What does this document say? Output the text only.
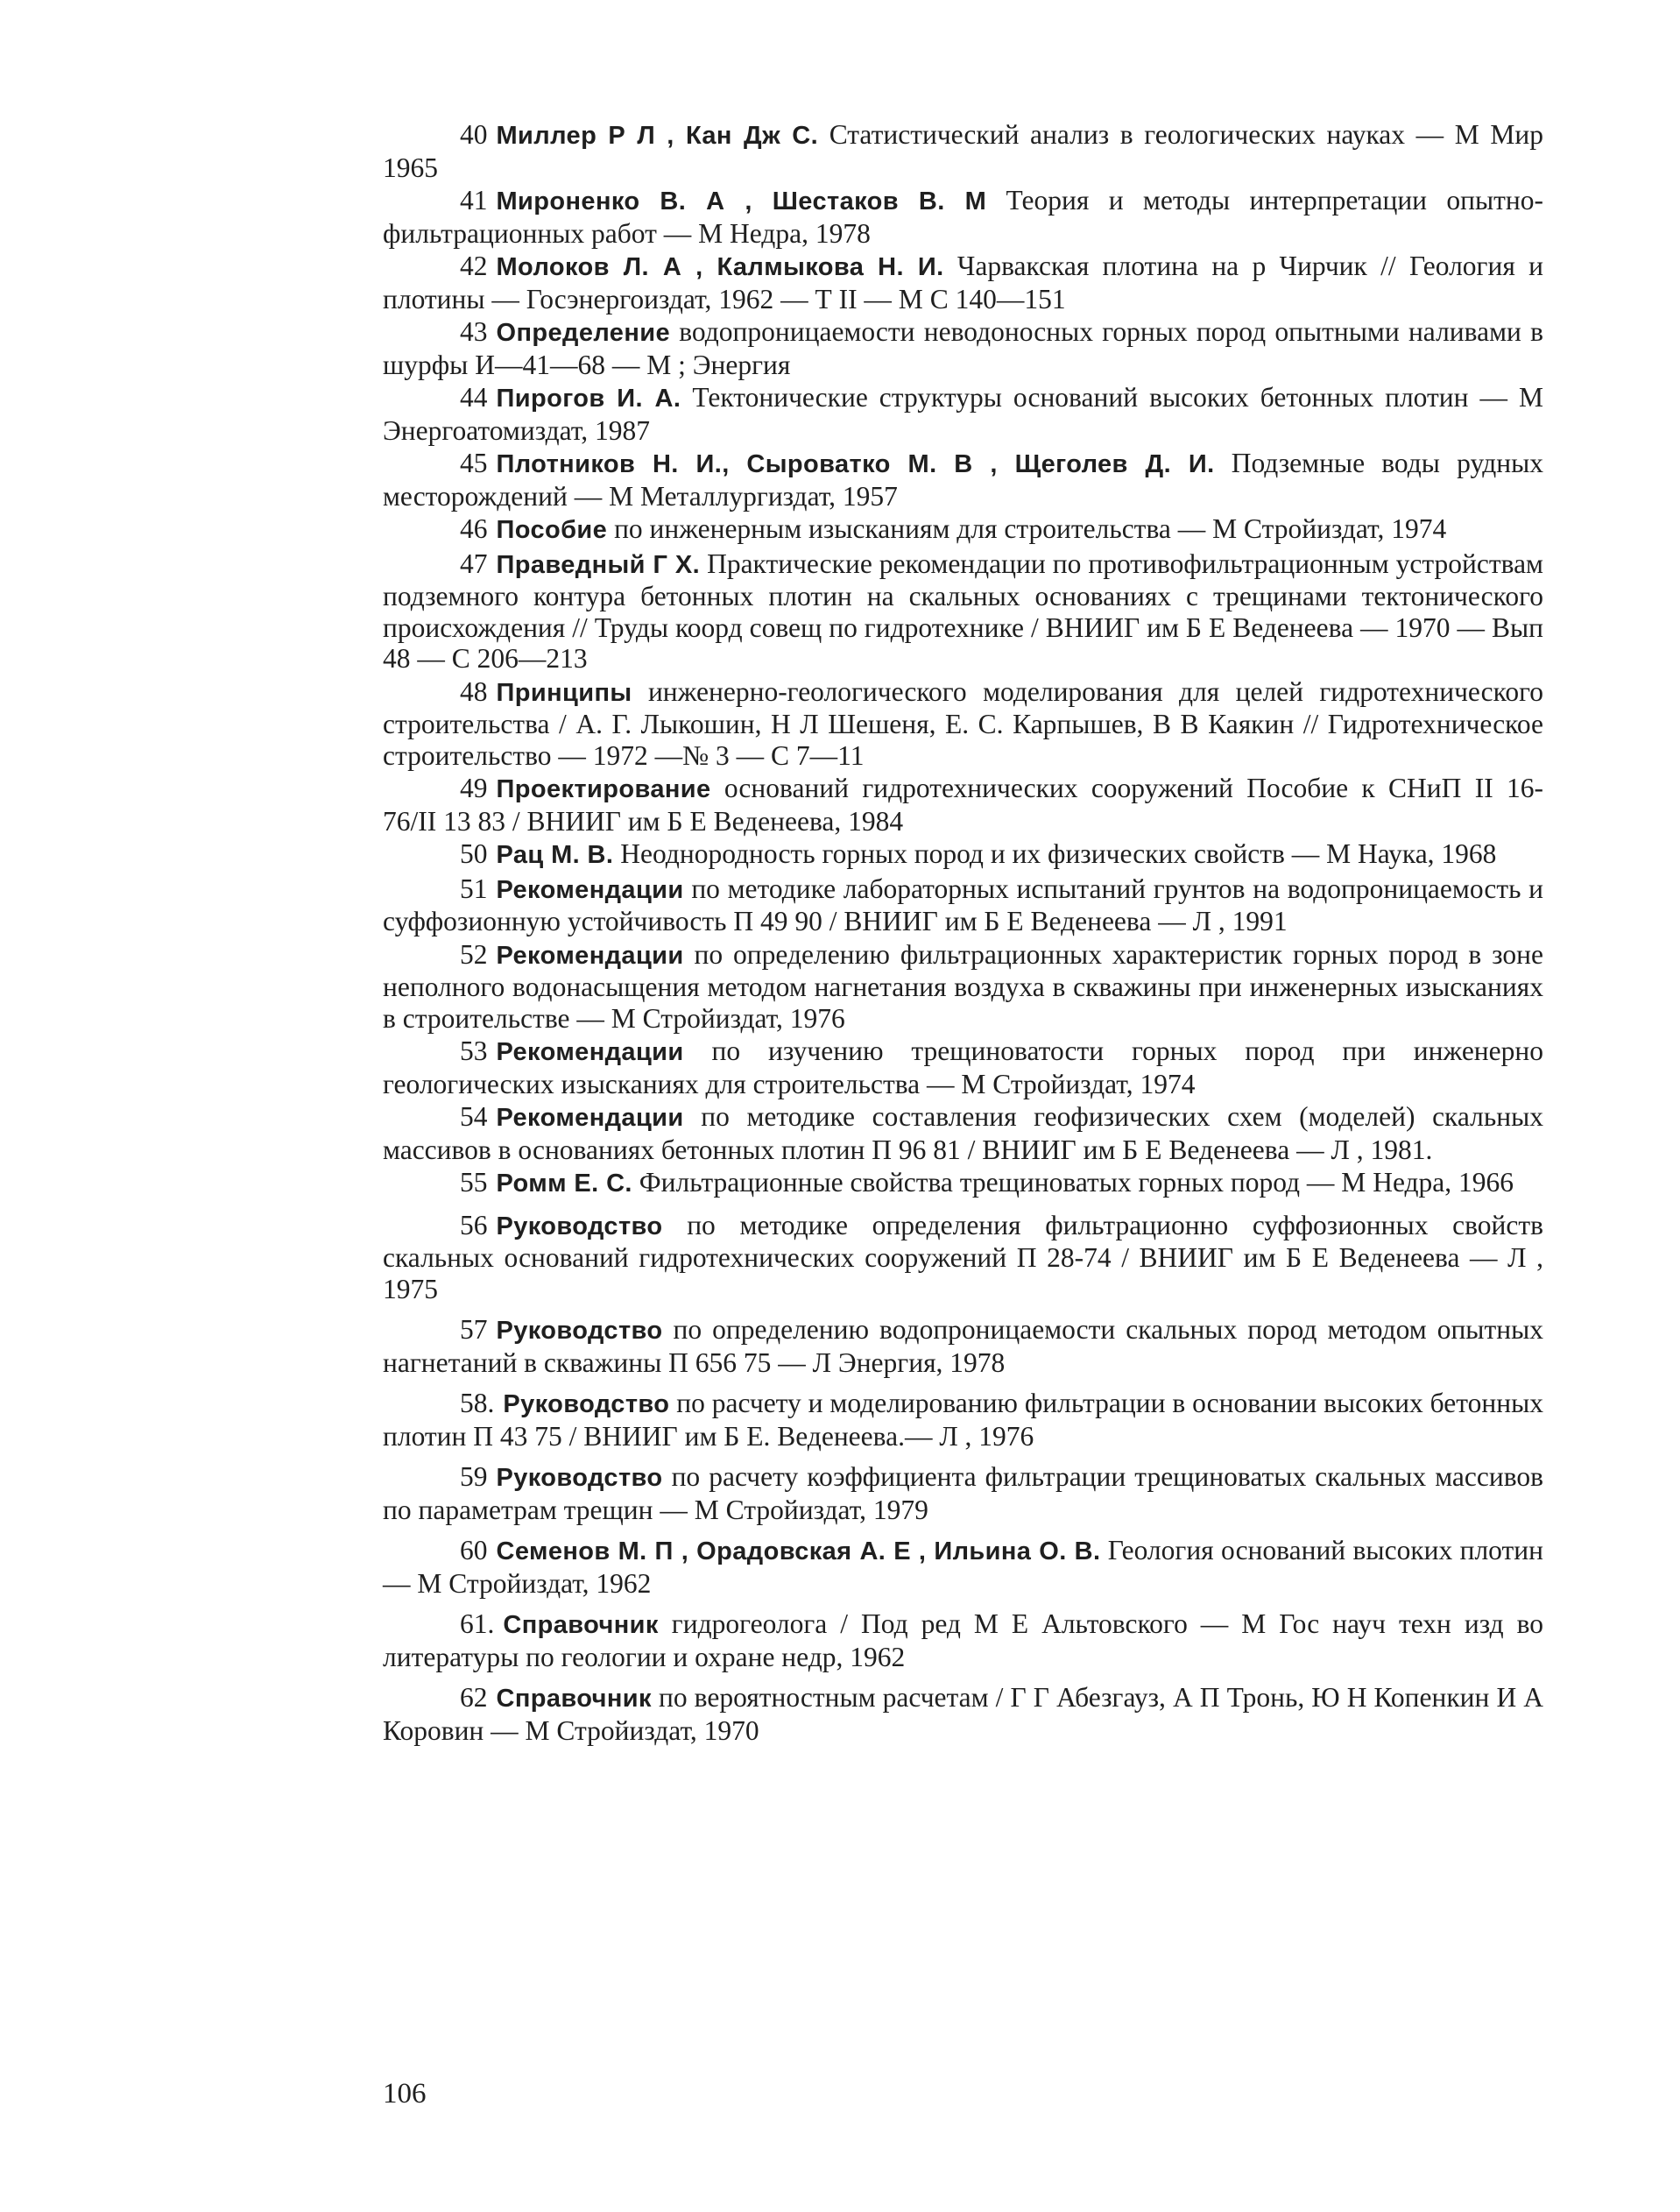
40 Миллер Р Л , Кан Дж С. Статистический анализ в геологических науках — М Мир 1965
41 Мироненко В. А , Шестаков В. М Теория и методы интерпретации опытно-фильтрационных работ — М Недра, 1978
42 Молоков Л. А , Калмыкова Н. И. Чарвакская плотина на р Чирчик // Геология и плотины — Госэнергоиздат, 1962 — Т II — М С 140—151
43 Определение водопроницаемости неводоносных горных пород опытными наливами в шурфы И—41—68 — М ; Энергия
44 Пирогов И. А. Тектонические структуры оснований высоких бетонных плотин — М Энергоатомиздат, 1987
45 Плотников Н. И., Сыроватко М. В , Щеголев Д. И. Подземные воды рудных месторождений — М Металлургиздат, 1957
46 Пособие по инженерным изысканиям для строительства — М Стройиздат, 1974
47 Праведный Г Х. Практические рекомендации по противофильтрационным устройствам подземного контура бетонных плотин на скальных основаниях с трещинами тектонического происхождения // Труды коорд совещ по гидротехнике / ВНИИГ им Б Е Веденеева — 1970 — Вып 48 — С 206—213
48 Принципы инженерно-геологического моделирования для целей гидротехнического строительства / А. Г. Лыкошин, Н Л Шешеня, Е. С. Карпышев, В В Каякин // Гидротехническое строительство — 1972 —№ 3 — С 7—11
49 Проектирование оснований гидротехнических сооружений Пособие к СНиП II 16-76/II 13 83 / ВНИИГ им Б Е Веденеева, 1984
50 Рац М. В. Неоднородность горных пород и их физических свойств — М Наука, 1968
51 Рекомендации по методике лабораторных испытаний грунтов на водопроницаемость и суффозионную устойчивость П 49 90 / ВНИИГ им Б Е Веденеева — Л , 1991
52 Рекомендации по определению фильтрационных характеристик горных пород в зоне неполного водонасыщения методом нагнетания воздуха в скважины при инженерных изысканиях в строительстве — М Стройиздат, 1976
53 Рекомендации по изучению трещиноватости горных пород при инженерно геологических изысканиях для строительства — М Стройиздат, 1974
54 Рекомендации по методике составления геофизических схем (моделей) скальных массивов в основаниях бетонных плотин П 96 81 / ВНИИГ им Б Е Веденеева — Л , 1981.
55 Ромм Е. С. Фильтрационные свойства трещиноватых горных пород — М Недра, 1966
56 Руководство по методике определения фильтрационно суффозионных свойств скальных оснований гидротехнических сооружений П 28-74 / ВНИИГ им Б Е Веденеева — Л , 1975
57 Руководство по определению водопроницаемости скальных пород методом опытных нагнетаний в скважины П 656 75 — Л Энергия, 1978
58. Руководство по расчету и моделированию фильтрации в основании высоких бетонных плотин П 43 75 / ВНИИГ им Б Е. Веденеева.— Л , 1976
59 Руководство по расчету коэффициента фильтрации трещиноватых скальных массивов по параметрам трещин — М Стройиздат, 1979
60 Семенов М. П , Орадовская А. Е , Ильина О. В. Геология оснований высоких плотин — М Стройиздат, 1962
61. Справочник гидрогеолога / Под ред М Е Альтовского — М Гос науч техн изд во литературы по геологии и охране недр, 1962
62 Справочник по вероятностным расчетам / Г Г Абезгауз, А П Тронь, Ю Н Копенкин И А Коровин — М Стройиздат, 1970
106
